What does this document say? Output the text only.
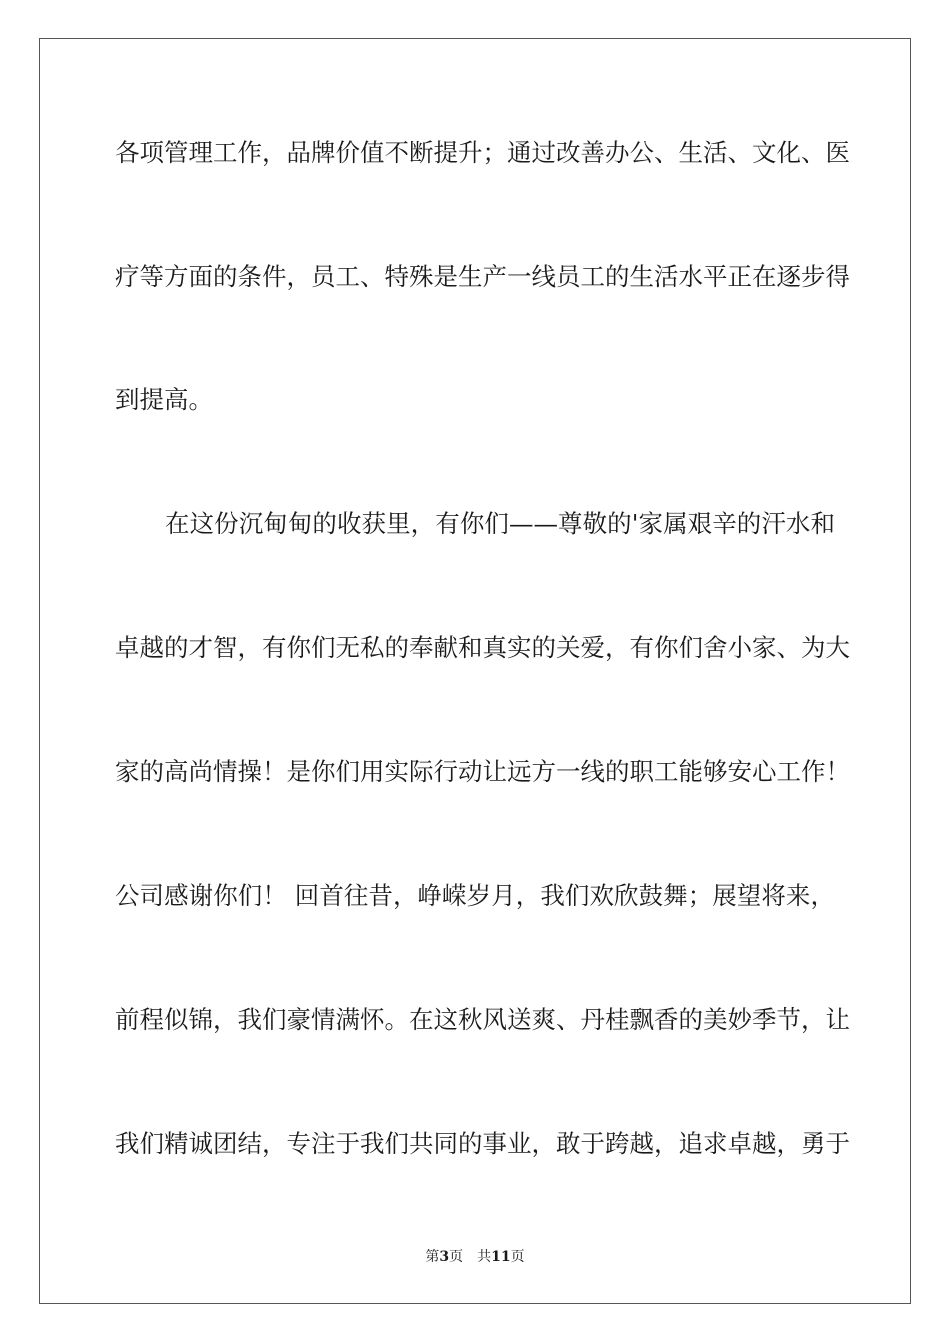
各项管理工作，品牌价值不断提升；通过改善办公、生活、文化、医
疗等方面的条件，员工、特殊是生产一线员工的生活水平正在逐步得
到提高。
在这份沉甸甸的收获里，有你们——尊敬的'家属艰辛的汗水和
卓越的才智，有你们无私的奉献和真实的关爱，有你们舍小家、为大
家的高尚情操！是你们用实际行动让远方一线的职工能够安心工作！
公司感谢你们！ 回首往昔，峥嵘岁月，我们欢欣鼓舞；展望将来，
前程似锦，我们豪情满怀。在这秋风送爽、丹桂飘香的美妙季节，让
我们精诚团结，专注于我们共同的事业，敢于跨越，追求卓越，勇于
第3页 共11页
